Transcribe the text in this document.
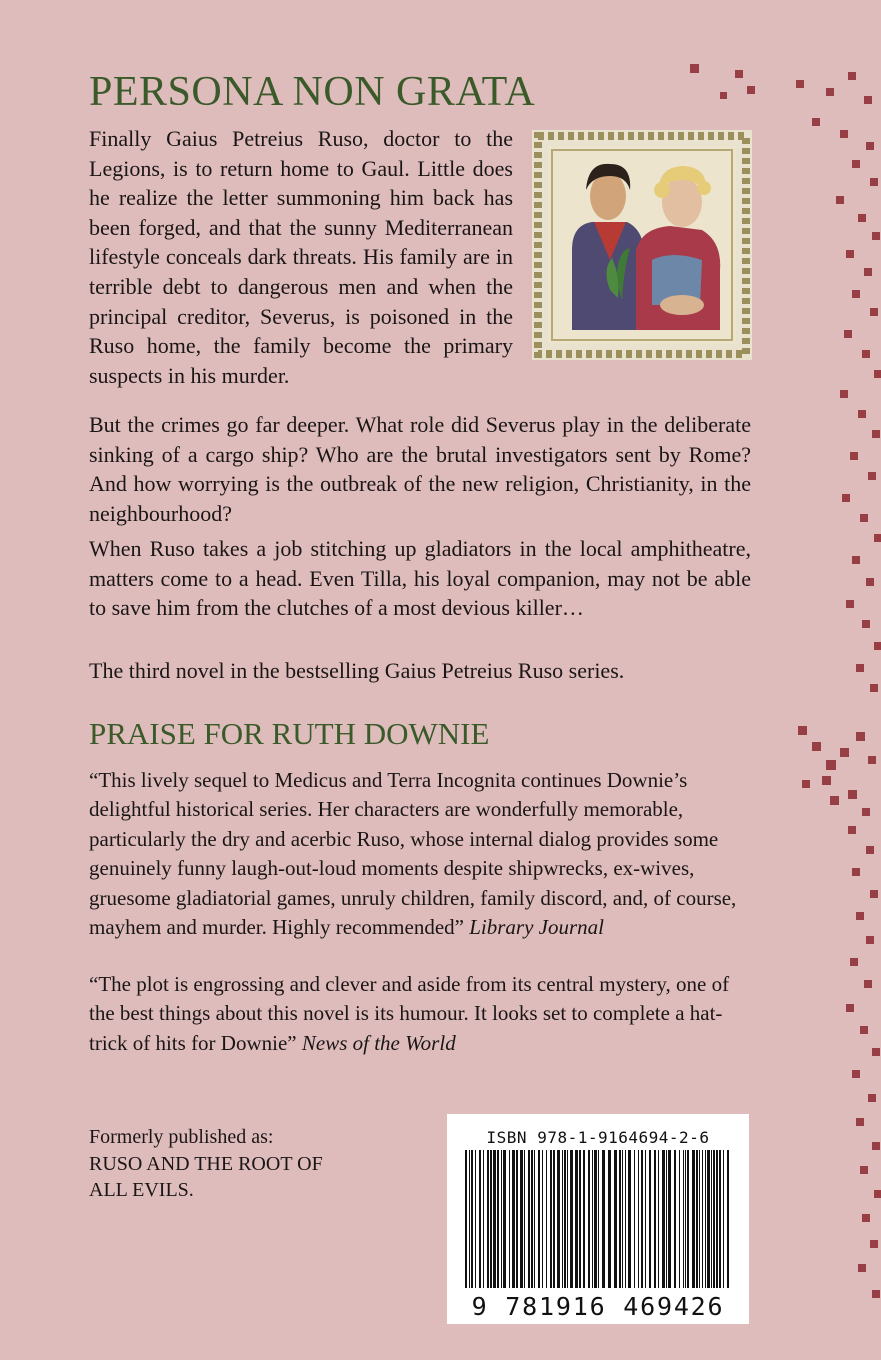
PERSONA NON GRATA
Finally Gaius Petreius Ruso, doctor to the Legions, is to return home to Gaul. Little does he realize the letter summoning him back has been forged, and that the sunny Mediterranean lifestyle conceals dark threats. His family are in terrible debt to dangerous men and when the principal creditor, Severus, is poisoned in the Ruso home, the family become the primary suspects in his murder.
But the crimes go far deeper. What role did Severus play in the deliberate sinking of a cargo ship? Who are the brutal investigators sent by Rome? And how worrying is the outbreak of the new religion, Christianity, in the neighbourhood?
When Ruso takes a job stitching up gladiators in the local amphitheatre, matters come to a head. Even Tilla, his loyal companion, may not be able to save him from the clutches of a most devious killer…
The third novel in the bestselling Gaius Petreius Ruso series.
PRAISE FOR RUTH DOWNIE
“This lively sequel to Medicus and Terra Incognita continues Downie’s delightful historical series. Her characters are wonderfully memorable, particularly the dry and acerbic Ruso, whose internal dialog provides some genuinely funny laugh-out-loud moments despite shipwrecks, ex-wives, gruesome gladiatorial games, unruly children, family discord, and, of course, mayhem and murder. Highly recommended” Library Journal
“The plot is engrossing and clever and aside from its central mystery, one of the best things about this novel is its humour. It looks set to complete a hat-trick of hits for Downie” News of the World
Formerly published as:
RUSO AND THE ROOT OF
ALL EVILS.
ISBN 978-1-9164694-2-6
9 781916 469426
